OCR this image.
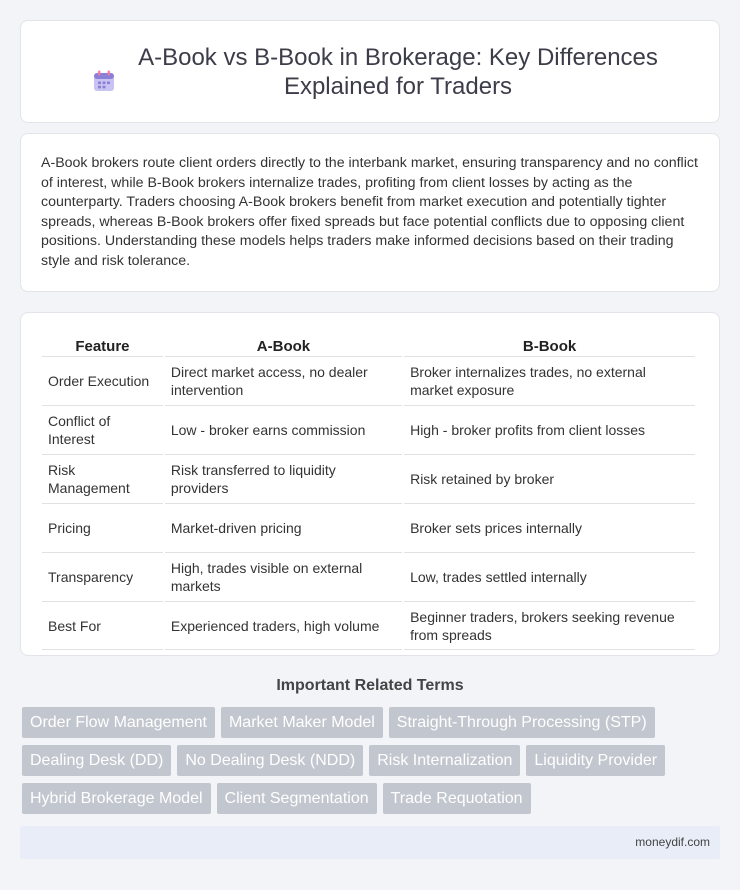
A-Book vs B-Book in Brokerage: Key Differences Explained for Traders

A-Book brokers route client orders directly to the interbank market, ensuring transparency and no conflict of interest, while B-Book brokers internalize trades, profiting from client losses by acting as the counterparty. Traders choosing A-Book brokers benefit from market execution and potentially tighter spreads, whereas B-Book brokers offer fixed spreads but face potential conflicts due to opposing client positions. Understanding these models helps traders make informed decisions based on their trading style and risk tolerance.

Feature	A-Book	B-Book
Order Execution	Direct market access, no dealer intervention	Broker internalizes trades, no external market exposure
Conflict of Interest	Low - broker earns commission	High - broker profits from client losses
Risk Management	Risk transferred to liquidity providers	Risk retained by broker
Pricing	Market-driven pricing	Broker sets prices internally
Transparency	High, trades visible on external markets	Low, trades settled internally
Best For	Experienced traders, high volume	Beginner traders, brokers seeking revenue from spreads
Important Related Terms
Order Flow Management	Market Maker Model	Straight-Through Processing (STP)
Dealing Desk (DD)	No Dealing Desk (NDD)	Risk Internalization	Liquidity Provider
Hybrid Brokerage Model	Client Segmentation	Trade Requotation
moneydif.com
